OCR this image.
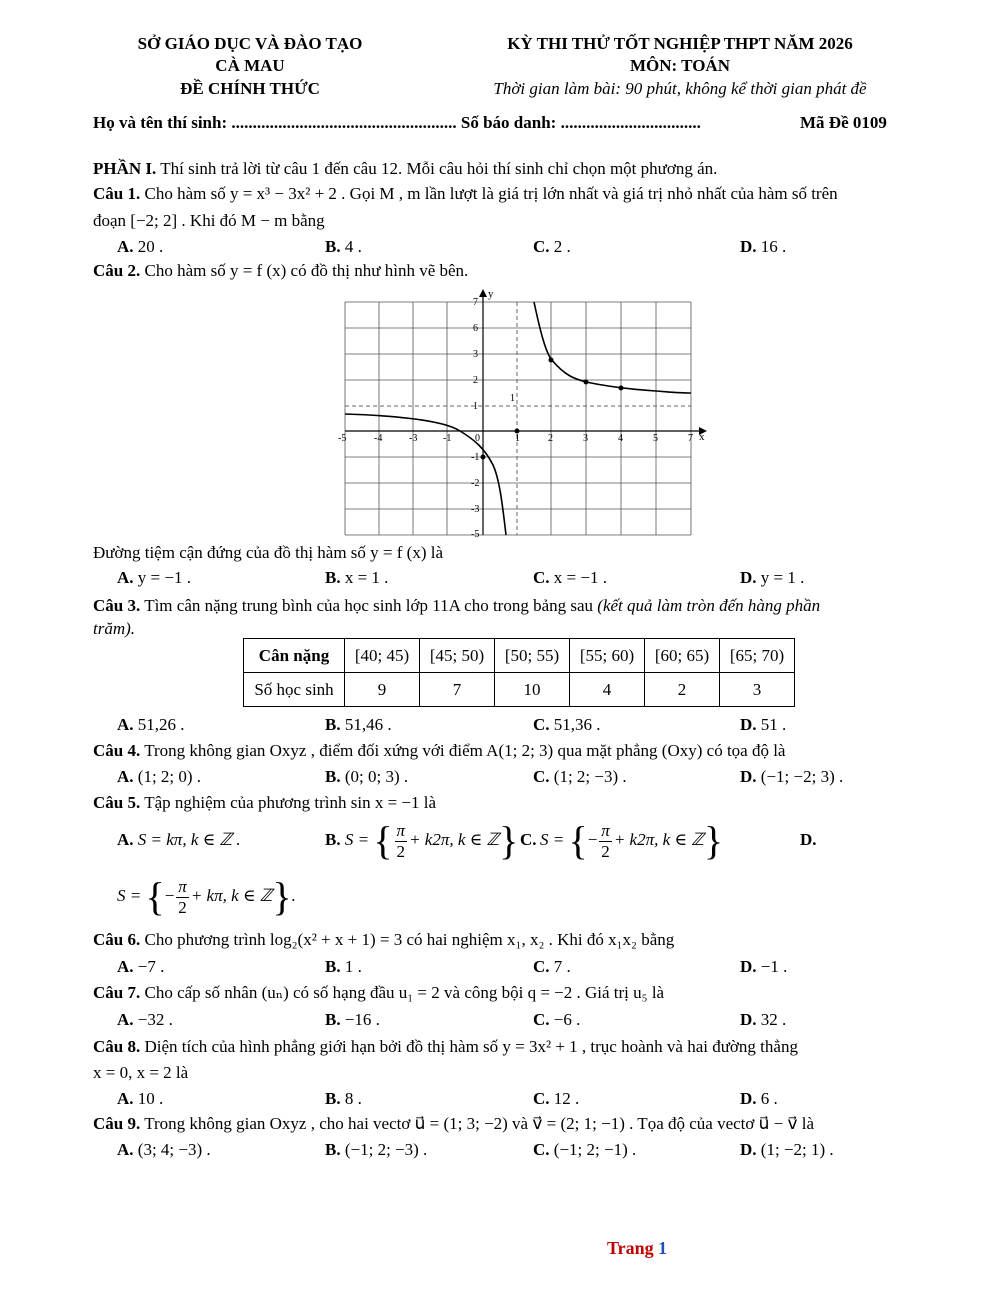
SỞ GIÁO DỤC VÀ ĐÀO TẠO
CÀ MAU
ĐỀ CHÍNH THỨC
KỲ THI THỬ TỐT NGHIỆP THPT NĂM 2026
MÔN: TOÁN
Thời gian làm bài: 90 phút, không kể thời gian phát đề
Họ và tên thí sinh: ..................................................... Số báo danh: .................................	Mã Đề 0109
PHẦN I. Thí sinh trả lời từ câu 1 đến câu 12. Mỗi câu hỏi thí sinh chỉ chọn một phương án.
Câu 1. Cho hàm số y = x³ − 3x² + 2 . Gọi M , m lần lượt là giá trị lớn nhất và giá trị nhỏ nhất của hàm số trên
đoạn [−2; 2] . Khi đó M − m bằng
A. 20 .	B. 4 .	C. 2 .	D. 16 .
Câu 2. Cho hàm số y = f (x) có đồ thị như hình vẽ bên.
-5	-4	-3	-1 0	1	2	3	4	5	7 x
7
6
3
2
1
-1
-2
-3
-5
y
1
Đường tiệm cận đứng của đồ thị hàm số y = f (x) là
A. y = −1 .	B. x = 1 .	C. x = −1 .	D. y = 1 .
Câu 3. Tìm cân nặng trung bình của học sinh lớp 11A cho trong bảng sau (kết quả làm tròn đến hàng phần
trăm).
Cân nặng	[40; 45)	[45; 50)	[50; 55)	[55; 60)	[60; 65)	[65; 70)
Số học sinh	9	7	10	4	2	3
A. 51,26 .	B. 51,46 .	C. 51,36 .	D. 51 .
Câu 4. Trong không gian Oxyz , điểm đối xứng với điểm A(1; 2; 3) qua mặt phẳng (Oxy) có tọa độ là
A. (1; 2; 0) .	B. (0; 0; 3) .	C. (1; 2; −3) .	D. (−1; −2; 3) .
Câu 5. Tập nghiệm của phương trình sin x = −1 là
A. S = kπ, k ∈ ℤ .	B. S = { $\frac{\pi}{2} + k2\pi$, k ∈ ℤ} C. S = {− $\frac{\pi}{2} + k2\pi$, k ∈ ℤ}	D.
S = {− $\frac{\pi}{2} + k\pi$, k ∈ ℤ}.
Câu 6. Cho phương trình log₂(x² + x + 1) = 3 có hai nghiệm x₁, x₂ . Khi đó x₁x₂ bằng
A. −7 .	B. 1 .	C. 7 .	D. −1 .
Câu 7. Cho cấp số nhân (uₙ) có số hạng đầu u₁ = 2 và công bội q = −2 . Giá trị u₅ là
A. −32 .	B. −16 .	C. −6 .	D. 32 .
Câu 8. Diện tích của hình phẳng giới hạn bởi đồ thị hàm số y = 3x² + 1 , trục hoành và hai đường thẳng
x = 0, x = 2 là
A. 10 .	B. 8 .	C. 12 .	D. 6 .
Câu 9. Trong không gian Oxyz , cho hai vectơ u⃗ = (1; 3; −2) và v⃗ = (2; 1; −1) . Tọa độ của vectơ u⃗ − v⃗ là
A. (3; 4; −3) .	B. (−1; 2; −3) .	C. (−1; 2; −1) .	D. (1; −2; 1) .
Trang 1
